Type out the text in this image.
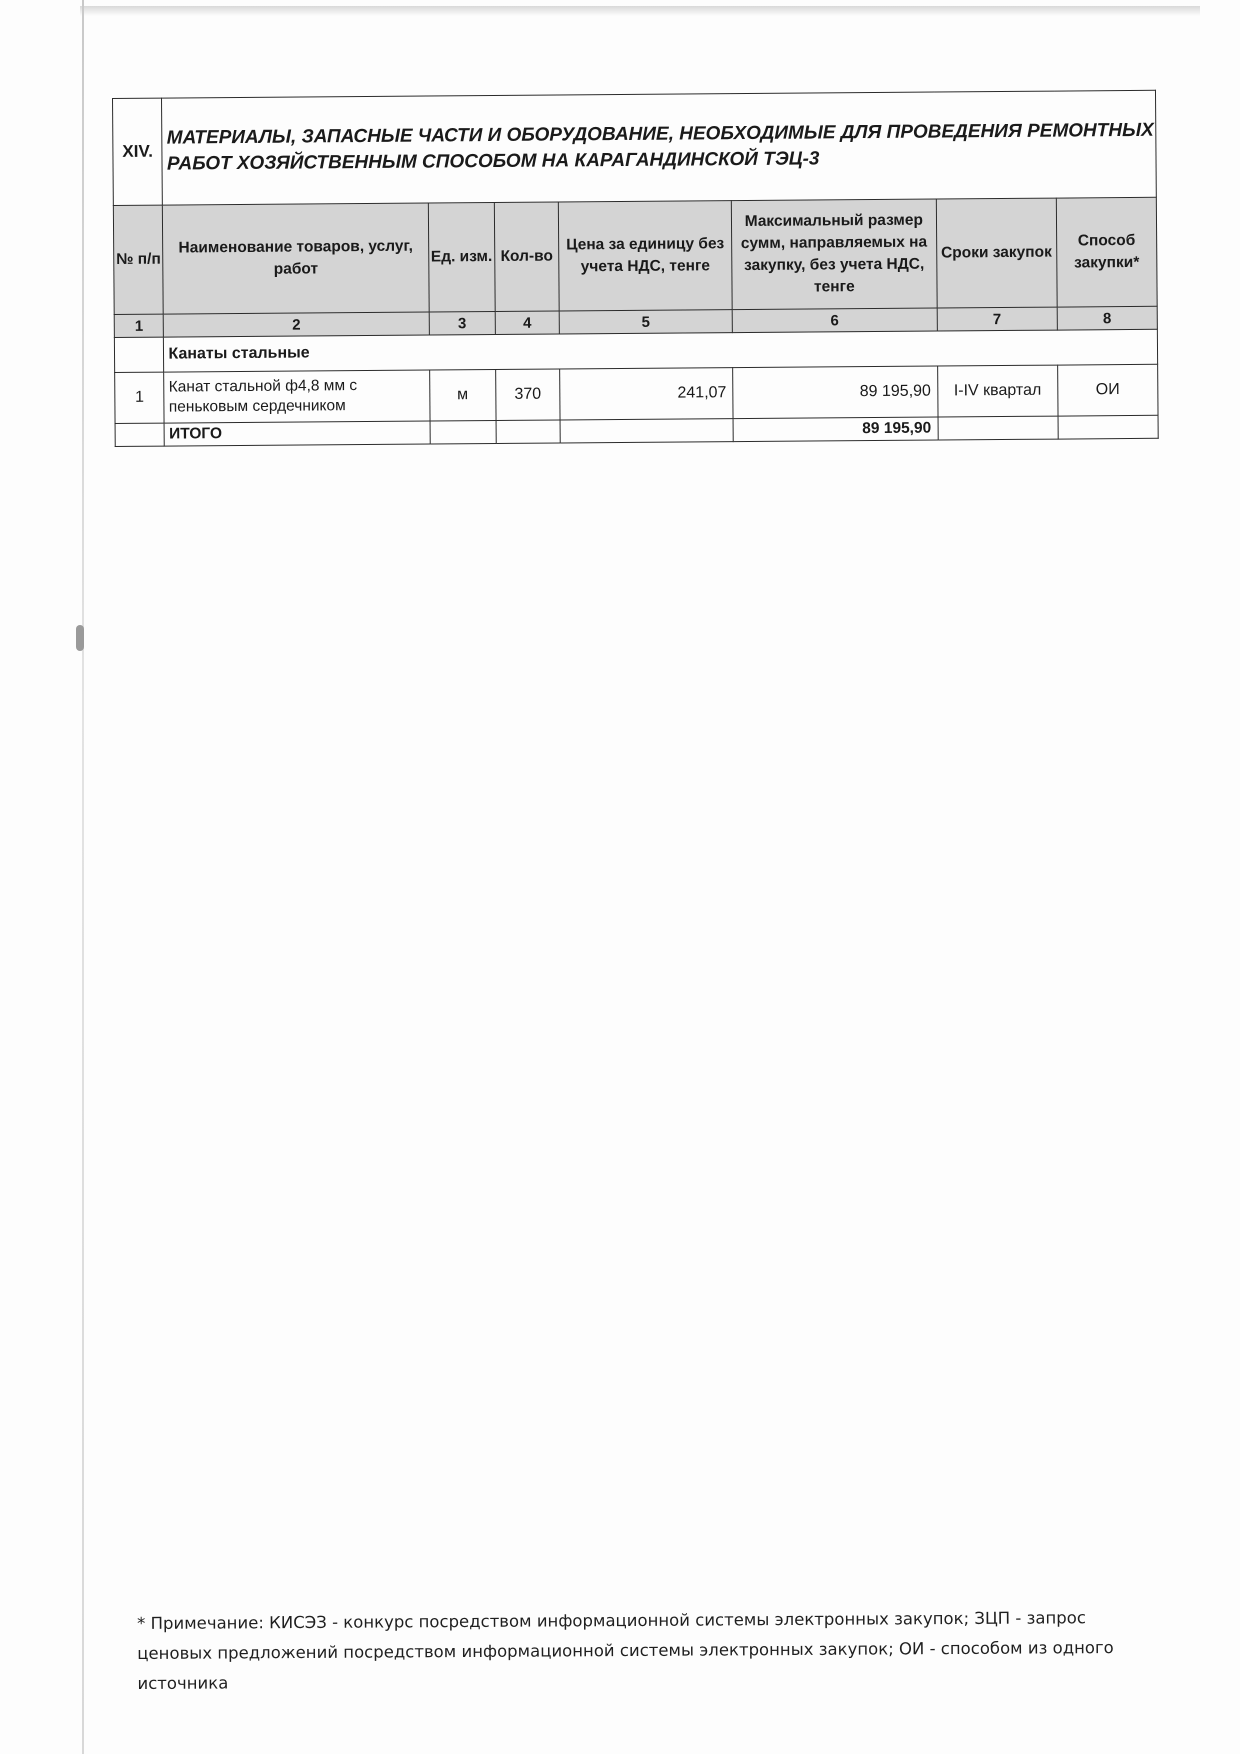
XIV.	МАТЕРИАЛЫ, ЗАПАСНЫЕ ЧАСТИ И ОБОРУДОВАНИЕ, НЕОБХОДИМЫЕ ДЛЯ ПРОВЕДЕНИЯ РЕМОНТНЫХ РАБОТ ХОЗЯЙСТВЕННЫМ СПОСОБОМ НА КАРАГАНДИНСКОЙ ТЭЦ-3						
№ п/п	Наименование товаров, услуг, работ	Ед. изм.	Кол-во	Цена за единицу без учета НДС, тенге	Максимальный размер сумм, направляемых на закупку, без учета НДС, тенге	Сроки закупок	Способ закупки*
1	2	3	4	5	6	7	8
	Канаты стальные						
1	Канат стальной ф4,8 мм с пеньковым сердечником	м	370	241,07	89 195,90	I-IV квартал	ОИ
	ИТОГО				89 195,90		
* Примечание: КИСЭЗ - конкурс посредством информационной системы электронных закупок; ЗЦП - запрос ценовых предложений посредством информационной системы электронных закупок; ОИ - способом из одного источника
